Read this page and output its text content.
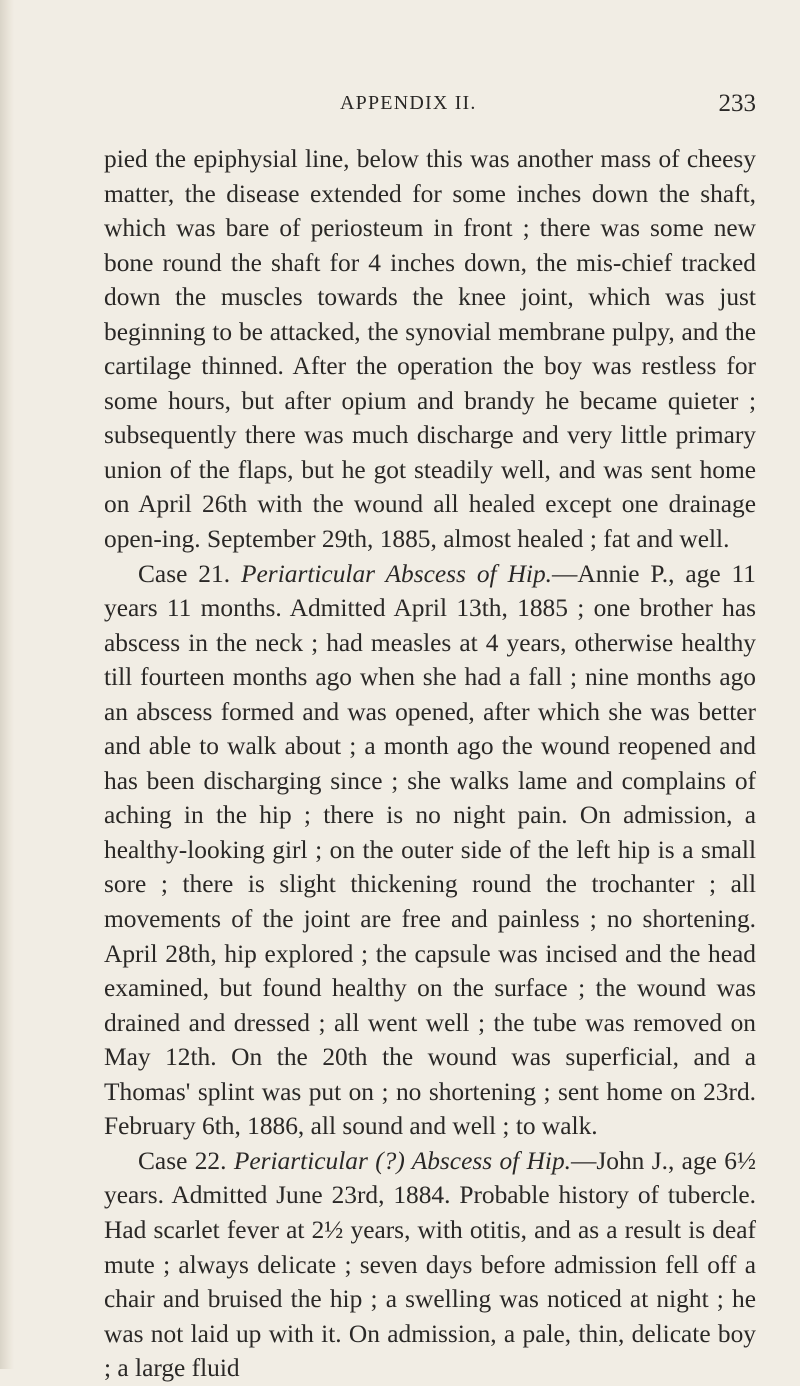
APPENDIX II.	233

pied the epiphysial line, below this was another mass of cheesy matter, the disease extended for some inches down the shaft, which was bare of periosteum in front ; there was some new bone round the shaft for 4 inches down, the mis-chief tracked down the muscles towards the knee joint, which was just beginning to be attacked, the synovial membrane pulpy, and the cartilage thinned. After the operation the boy was restless for some hours, but after opium and brandy he became quieter ; subsequently there was much discharge and very little primary union of the flaps, but he got steadily well, and was sent home on April 26th with the wound all healed except one drainage open-ing. September 29th, 1885, almost healed ; fat and well.

Case 21. Periarticular Abscess of Hip.—Annie P., age 11 years 11 months. Admitted April 13th, 1885 ; one brother has abscess in the neck ; had measles at 4 years, otherwise healthy till fourteen months ago when she had a fall ; nine months ago an abscess formed and was opened, after which she was better and able to walk about ; a month ago the wound reopened and has been discharging since ; she walks lame and complains of aching in the hip ; there is no night pain. On admission, a healthy-looking girl ; on the outer side of the left hip is a small sore ; there is slight thickening round the trochanter ; all movements of the joint are free and painless ; no shortening. April 28th, hip explored ; the capsule was incised and the head examined, but found healthy on the surface ; the wound was drained and dressed ; all went well ; the tube was removed on May 12th. On the 20th the wound was superficial, and a Thomas' splint was put on ; no shortening ; sent home on 23rd. February 6th, 1886, all sound and well ; to walk.

Case 22. Periarticular (?) Abscess of Hip.—John J., age 6½ years. Admitted June 23rd, 1884. Probable history of tubercle. Had scarlet fever at 2½ years, with otitis, and as a result is deaf mute ; always delicate ; seven days before admission fell off a chair and bruised the hip ; a swelling was noticed at night ; he was not laid up with it. On admission, a pale, thin, delicate boy ; a large fluid
